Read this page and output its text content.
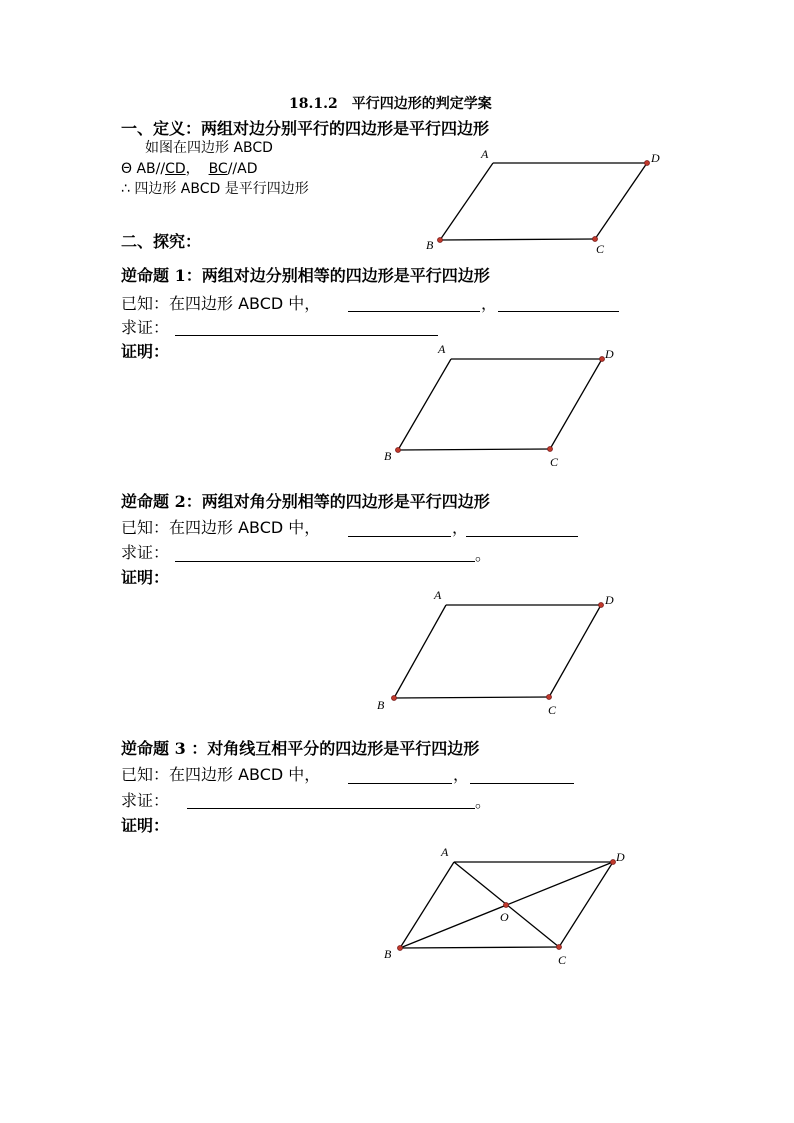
18.1.2　平行四边形的判定学案
一、定义：两组对边分别平行的四边形是平行四边形
如图在四边形 ABCD
Θ AB//CD， BC//AD
∴ 四边形 ABCD 是平行四边形
A	D
B	C
二、探究：
逆命题 1：两组对边分别相等的四边形是平行四边形
已知：在四边形 ABCD 中，	，
求证：
证明：	A	D
B	C
逆命题 2：两组对角分别相等的四边形是平行四边形
已知：在四边形 ABCD 中，	，
求证：	。
证明：
A	D
B	C
逆命题 3 ：对角线互相平分的四边形是平行四边形
已知：在四边形 ABCD 中，	，
求证：	。
证明：
A	D
B	C
O
